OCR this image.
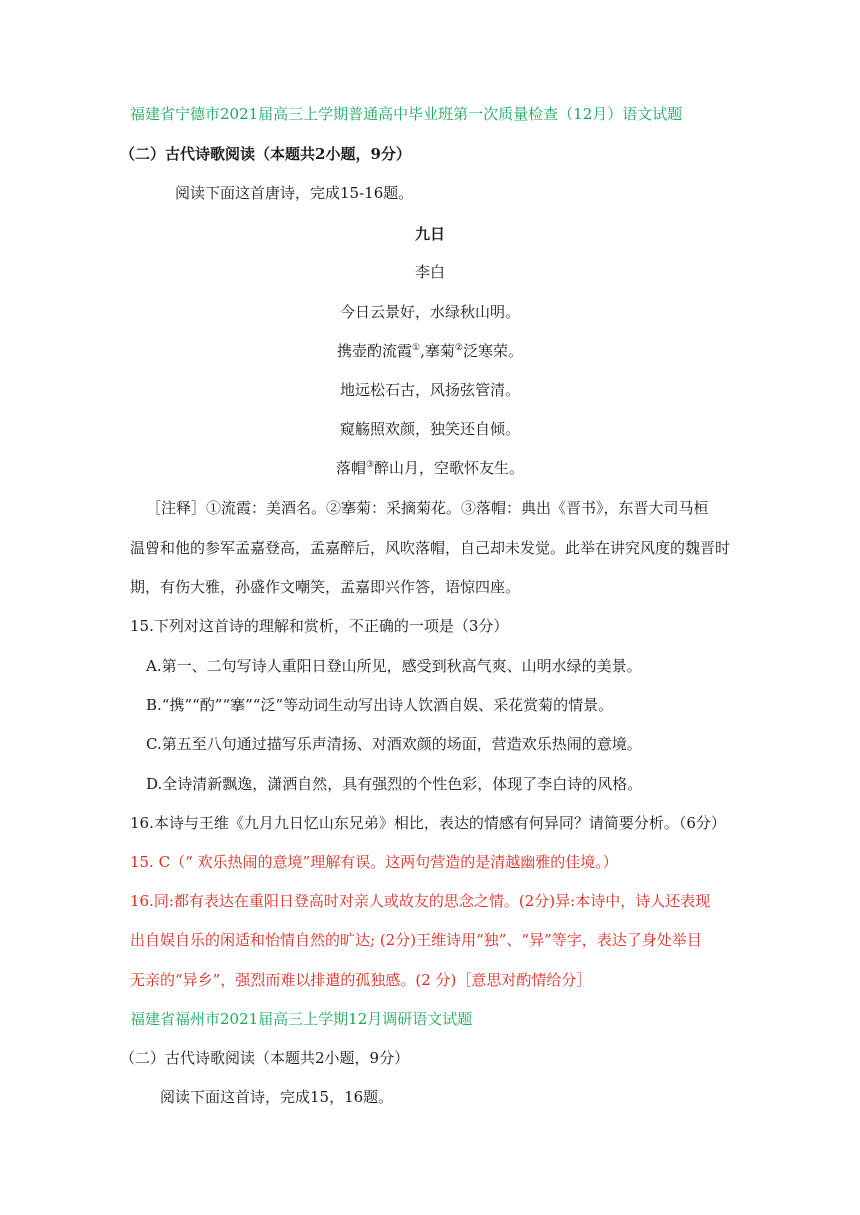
福建省宁德市2021届高三上学期普通高中毕业班第一次质量检查（12月）语文试题
（二）古代诗歌阅读（本题共2小题，9分）
阅读下面这首唐诗，完成15-16题。
九日
李白
今日云景好，水绿秋山明。
携壶酌流霞①,搴菊②泛寒荣。
地远松石古，风扬弦管清。
窥觞照欢颜，独笑还自倾。
落帽③醉山月，空歌怀友生。
［注释］①流霞：美酒名。②搴菊：采摘菊花。③落帽：典出《晋书》，东晋大司马桓
温曾和他的参军孟嘉登高，孟嘉醉后，风吹落帽，自己却未发觉。此举在讲究风度的魏晋时
期，有伤大雅，孙盛作文嘲笑，孟嘉即兴作答，语惊四座。
15.下列对这首诗的理解和赏析，不正确的一项是（3分）
A.第一、二句写诗人重阳日登山所见，感受到秋高气爽、山明水绿的美景。
B.“携”“酌”“搴”“泛”等动词生动写出诗人饮酒自娱、采花赏菊的情景。
C.第五至八句通过描写乐声清扬、对酒欢颜的场面，营造欢乐热闹的意境。
D.全诗清新飘逸，潇洒自然，具有强烈的个性色彩，体现了李白诗的风格。
16.本诗与王维《九月九日忆山东兄弟》相比，表达的情感有何异同？请简要分析。（6分）
15. C（“ 欢乐热闹的意境”理解有误。这两句营造的是清越幽雅的佳境。）
16.同:都有表达在重阳日登高时对亲人或故友的思念之情。(2分)异:本诗中，诗人还表现
出自娱自乐的闲适和怡情自然的旷达; (2分)王维诗用“独”、“异”等字，表达了身处举目
无亲的“异乡”，强烈而难以排遣的孤独感。(2 分)［意思对酌情给分］
福建省福州市2021届高三上学期12月调研语文试题
（二）古代诗歌阅读（本题共2小题，9分）
阅读下面这首诗，完成15，16题。
